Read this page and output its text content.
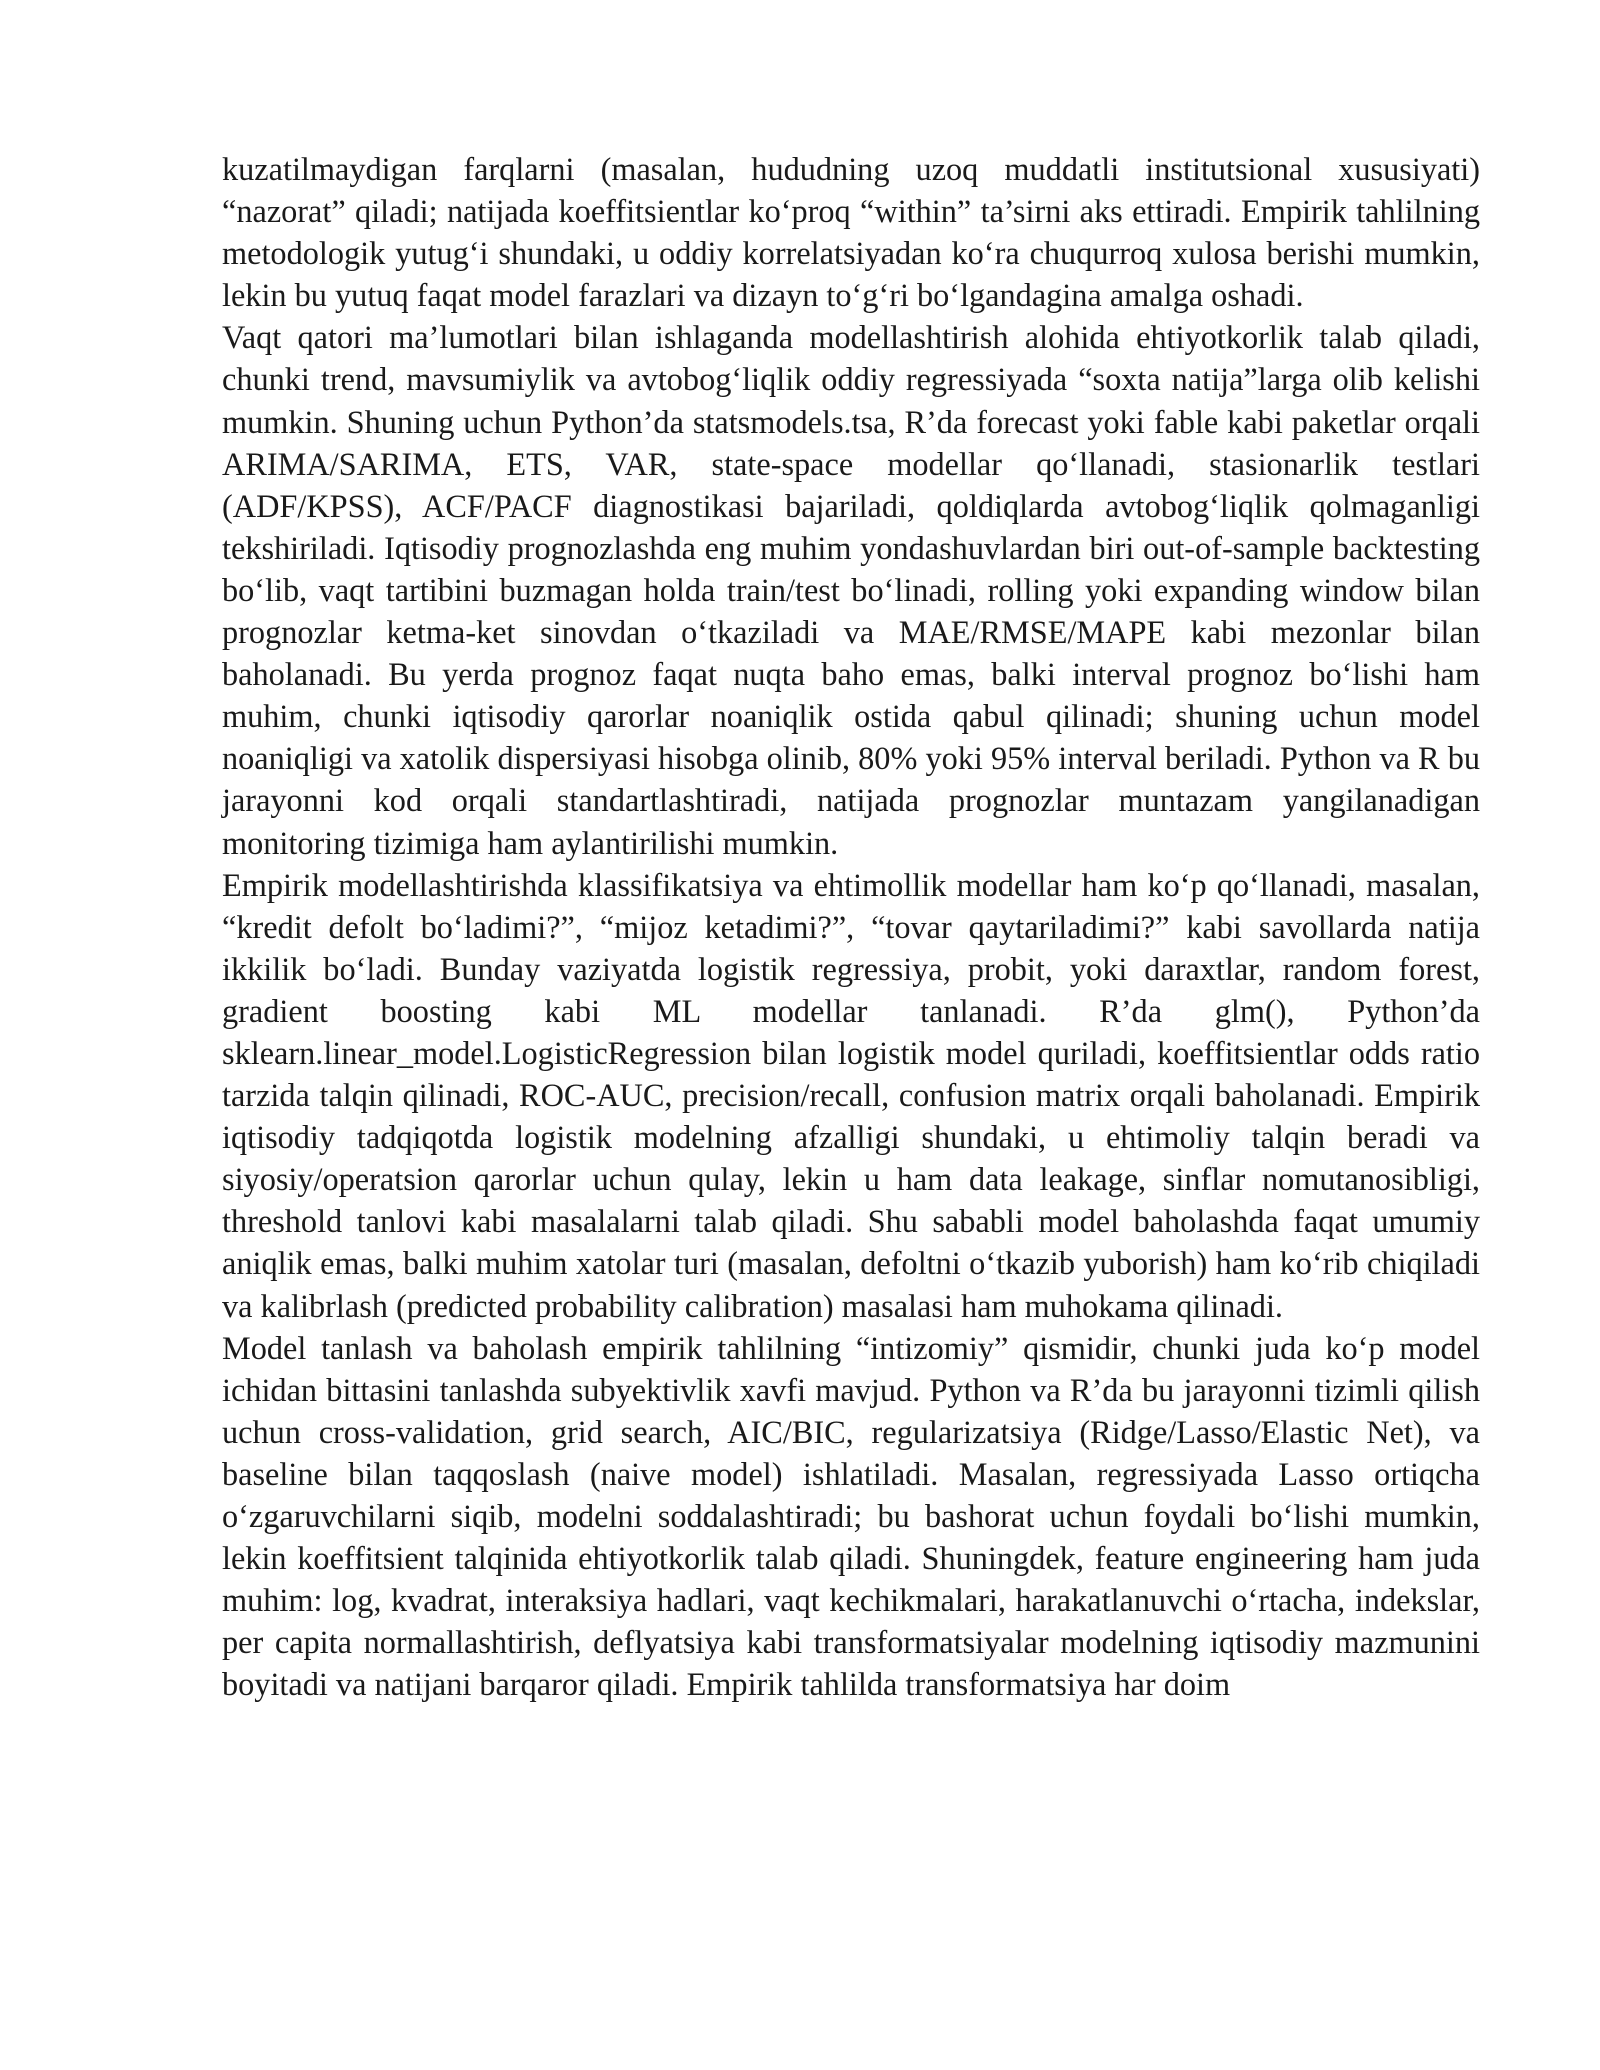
kuzatilmaydigan farqlarni (masalan, hududning uzoq muddatli institutsional xususiyati) “nazorat” qiladi; natijada koeffitsientlar ko‘proq “within” ta’sirni aks ettiradi. Empirik tahlilning metodologik yutug‘i shundaki, u oddiy korrelatsiyadan ko‘ra chuqurroq xulosa berishi mumkin, lekin bu yutuq faqat model farazlari va dizayn to‘g‘ri bo‘lgandagina amalga oshadi.

Vaqt qatori ma’lumotlari bilan ishlaganda modellashtirish alohida ehtiyotkorlik talab qiladi, chunki trend, mavsumiylik va avtobog‘liqlik oddiy regressiyada “soxta natija”larga olib kelishi mumkin. Shuning uchun Python’da statsmodels.tsa, R’da forecast yoki fable kabi paketlar orqali ARIMA/SARIMA, ETS, VAR, state-space modellar qo‘llanadi, stasionarlik testlari (ADF/KPSS), ACF/PACF diagnostikasi bajariladi, qoldiqlarda avtobog‘liqlik qolmaganligi tekshiriladi. Iqtisodiy prognozlashda eng muhim yondashuvlardan biri out-of-sample backtesting bo‘lib, vaqt tartibini buzmagan holda train/test bo‘linadi, rolling yoki expanding window bilan prognozlar ketma-ket sinovdan o‘tkaziladi va MAE/RMSE/MAPE kabi mezonlar bilan baholanadi. Bu yerda prognoz faqat nuqta baho emas, balki interval prognoz bo‘lishi ham muhim, chunki iqtisodiy qarorlar noaniqlik ostida qabul qilinadi; shuning uchun model noaniqligi va xatolik dispersiyasi hisobga olinib, 80% yoki 95% interval beriladi. Python va R bu jarayonni kod orqali standartlashtiradi, natijada prognozlar muntazam yangilanadigan monitoring tizimiga ham aylantirilishi mumkin.

Empirik modellashtirishda klassifikatsiya va ehtimollik modellar ham ko‘p qo‘llanadi, masalan, “kredit defolt bo‘ladimi?”, “mijoz ketadimi?”, “tovar qaytariladimi?” kabi savollarda natija ikkilik bo‘ladi. Bunday vaziyatda logistik regressiya, probit, yoki daraxtlar, random forest, gradient boosting kabi ML modellar tanlanadi. R’da glm(), Python’da sklearn.linear_model.LogisticRegression bilan logistik model quriladi, koeffitsientlar odds ratio tarzida talqin qilinadi, ROC-AUC, precision/recall, confusion matrix orqali baholanadi. Empirik iqtisodiy tadqiqotda logistik modelning afzalligi shundaki, u ehtimoliy talqin beradi va siyosiy/operatsion qarorlar uchun qulay, lekin u ham data leakage, sinflar nomutanosibligi, threshold tanlovi kabi masalalarni talab qiladi. Shu sababli model baholashda faqat umumiy aniqlik emas, balki muhim xatolar turi (masalan, defoltni o‘tkazib yuborish) ham ko‘rib chiqiladi va kalibrlash (predicted probability calibration) masalasi ham muhokama qilinadi.

Model tanlash va baholash empirik tahlilning “intizomiy” qismidir, chunki juda ko‘p model ichidan bittasini tanlashda subyektivlik xavfi mavjud. Python va R’da bu jarayonni tizimli qilish uchun cross-validation, grid search, AIC/BIC, regularizatsiya (Ridge/Lasso/Elastic Net), va baseline bilan taqqoslash (naive model) ishlatiladi. Masalan, regressiyada Lasso ortiqcha o‘zgaruvchilarni siqib, modelni soddalashtiradi; bu bashorat uchun foydali bo‘lishi mumkin, lekin koeffitsient talqinida ehtiyotkorlik talab qiladi. Shuningdek, feature engineering ham juda muhim: log, kvadrat, interaksiya hadlari, vaqt kechikmalari, harakatlanuvchi o‘rtacha, indekslar, per capita normallashtirish, deflyatsiya kabi transformatsiyalar modelning iqtisodiy mazmunini boyitadi va natijani barqaror qiladi. Empirik tahlilda transformatsiya har doim
